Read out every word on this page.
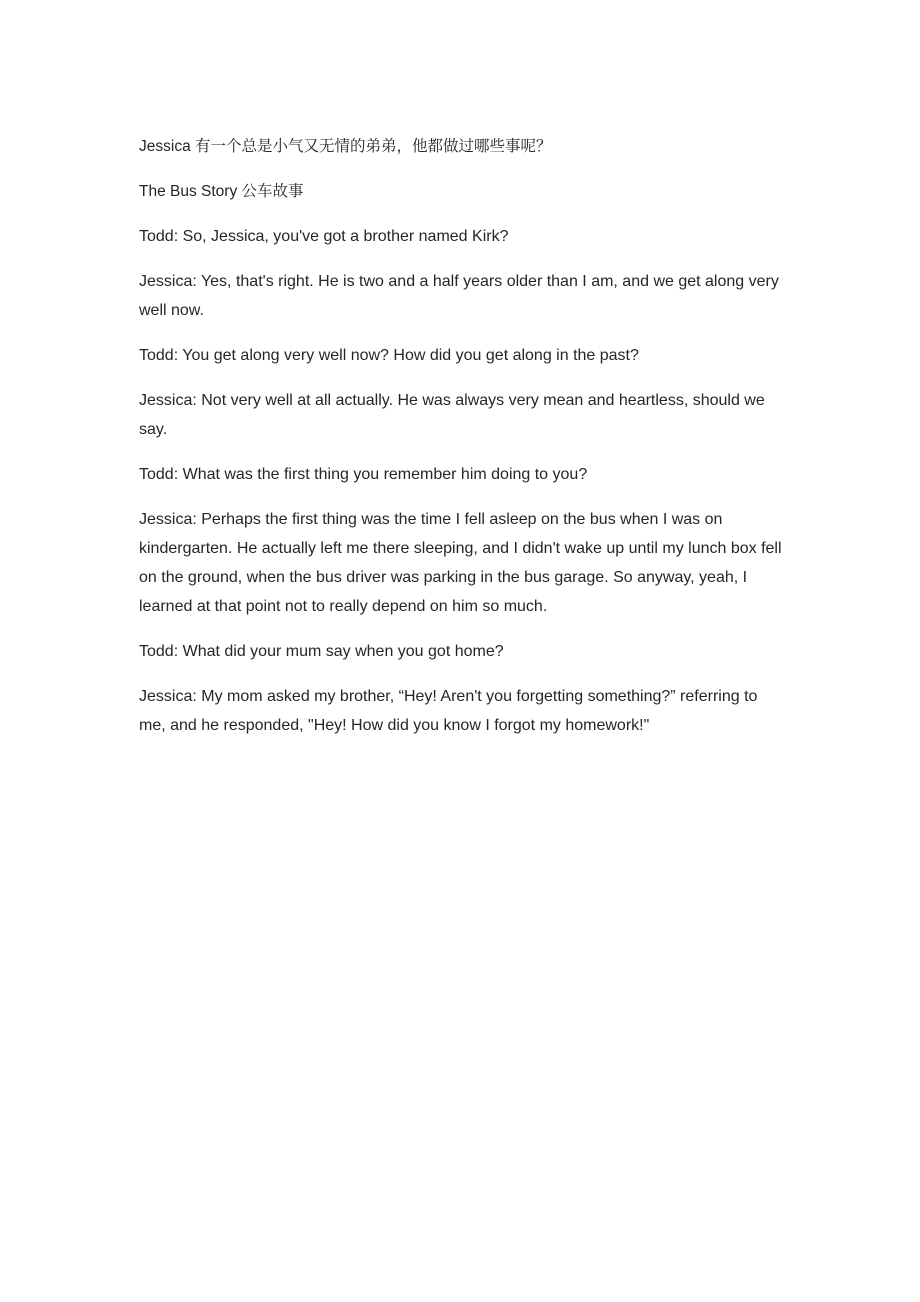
Jessica 有一个总是小气又无情的弟弟，他都做过哪些事呢？

The Bus Story 公车故事

Todd: So, Jessica, you've got a brother named Kirk?

Jessica: Yes, that's right. He is two and a half years older than I am, and we get along very well now.

Todd: You get along very well now? How did you get along in the past?

Jessica: Not very well at all actually. He was always very mean and heartless, should we say.

Todd: What was the first thing you remember him doing to you?

Jessica: Perhaps the first thing was the time I fell asleep on the bus when I was on kindergarten. He actually left me there sleeping, and I didn't wake up until my lunch box fell on the ground, when the bus driver was parking in the bus garage. So anyway, yeah, I learned at that point not to really depend on him so much.

Todd: What did your mum say when you got home?

Jessica: My mom asked my brother, “Hey! Aren't you forgetting something?” referring to me, and he responded, "Hey! How did you know I forgot my homework!"
